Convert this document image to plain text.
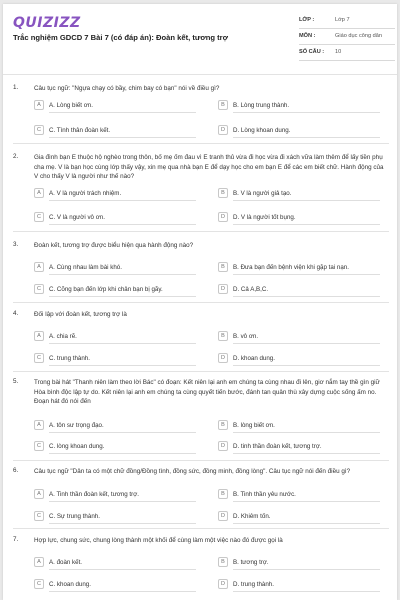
QUIZIZZ
Trắc nghiệm GDCD 7 Bài 7 (có đáp án): Đoàn kết, tương trợ
LỚP :	Lớp 7
MÔN :	Giáo dục công dân
SỐ CÂU : 10
1. Câu tục ngữ: "Ngựa chạy có bầy, chim bay có bạn" nói về điều gì?
A	A. Lòng biết ơn.	B	B. Lòng trung thành.
C	C. Tình thân đoàn kết.	D	D. Lòng khoan dung.
2. Gia đình bạn E thuộc hộ nghèo trong thôn, bố mẹ ốm đau vì E tranh thủ vừa đi học vừa đi xách vữa làm thêm để lấy tiền phụ cha mẹ. V là bạn học cùng lớp thấy vậy, xin mẹ qua nhà bạn E để dạy học cho em bạn E để các em biết chữ. Hành động của V cho thấy V là người như thế nào?
A	A. V là người trách nhiệm.	B	B. V là người giả tạo.
C	C. V là người vô ơn.	D	D. V là người tốt bụng.
3. Đoàn kết, tương trợ được biểu hiện qua hành động nào?
A	A. Cùng nhau làm bài khó.	B	B. Đưa bạn đến bệnh viện khi gặp tai nạn.
C	C. Cõng bạn đến lớp khi chân bạn bị gãy.	D	D. Cả A,B,C.
4. Đối lập với đoàn kết, tương trợ là
A	A. chia rẽ.	B	B. vô ơn.
C	C. trung thành.	D	D. khoan dung.
5. Trong bài hát "Thanh niên làm theo lời Bác" có đoạn: Kết niên lại anh em chúng ta cùng nhau đi lên, giơ nắm tay thề gìn giữ Hòa bình độc lập tự do. Kết niên lại anh em chúng ta cùng quyết tiến bước, đánh tan quân thù xây dựng cuộc sống ấm no. Đoạn hát đó nói đến
A	A. tôn sư trọng đạo.	B	B. lòng biết ơn.
C	C. lòng khoan dung.	D	D. tinh thần đoàn kết, tương trợ.
6. Câu tục ngữ "Dân ta có một chữ đồng/Đồng tình, đồng sức, đồng minh, đồng lòng". Câu tục ngữ nói đến điều gì?
A	A. Tinh thần đoàn kết, tương trợ.	B	B. Tinh thần yêu nước.
C	C. Sự trung thành.	D	D. Khiêm tốn.
7. Hợp lực, chung sức, chung lòng thành một khối để cùng làm một việc nào đó được gọi là
A	A. đoàn kết.	B	B. tương trợ.
C	C. khoan dung.	D	D. trung thành.
